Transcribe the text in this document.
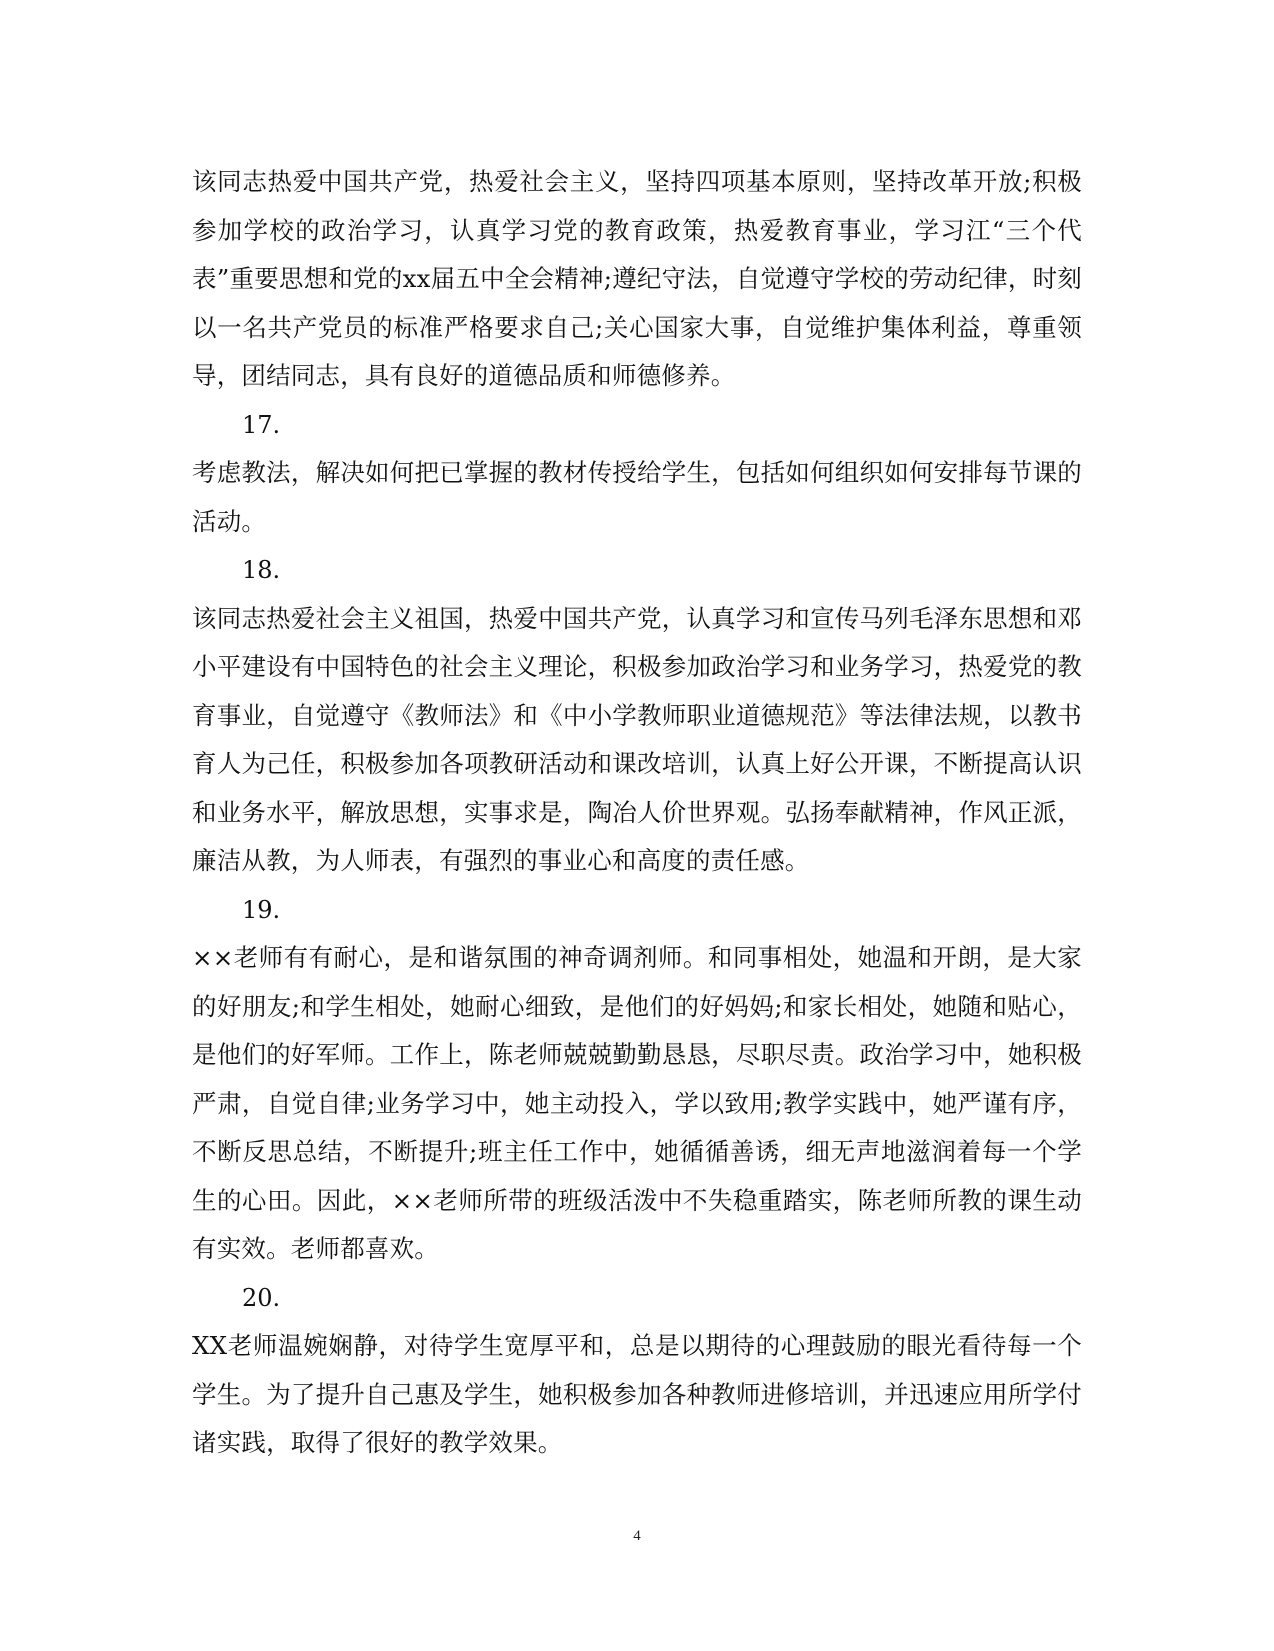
该同志热爱中国共产党，热爱社会主义，坚持四项基本原则，坚持改革开放;积极参加学校的政治学习，认真学习党的教育政策，热爱教育事业，学习江“三个代表”重要思想和党的xx届五中全会精神;遵纪守法，自觉遵守学校的劳动纪律，时刻以一名共产党员的标准严格要求自己;关心国家大事，自觉维护集体利益，尊重领导，团结同志，具有良好的道德品质和师德修养。

17.

考虑教法，解决如何把已掌握的教材传授给学生，包括如何组织如何安排每节课的活动。

18.

该同志热爱社会主义祖国，热爱中国共产党，认真学习和宣传马列毛泽东思想和邓小平建设有中国特色的社会主义理论，积极参加政治学习和业务学习，热爱党的教育事业，自觉遵守《教师法》和《中小学教师职业道德规范》等法律法规，以教书育人为己任，积极参加各项教研活动和课改培训，认真上好公开课，不断提高认识和业务水平，解放思想，实事求是，陶冶人价世界观。弘扬奉献精神，作风正派，廉洁从教，为人师表，有强烈的事业心和高度的责任感。

19.

××老师有有耐心，是和谐氛围的神奇调剂师。和同事相处，她温和开朗，是大家的好朋友;和学生相处，她耐心细致，是他们的好妈妈;和家长相处，她随和贴心，是他们的好军师。工作上，陈老师兢兢勤勤恳恳，尽职尽责。政治学习中，她积极严肃，自觉自律;业务学习中，她主动投入，学以致用;教学实践中，她严谨有序，不断反思总结，不断提升;班主任工作中，她循循善诱，细无声地滋润着每一个学生的心田。因此，××老师所带的班级活泼中不失稳重踏实，陈老师所教的课生动有实效。老师都喜欢。

20.

XX老师温婉娴静，对待学生宽厚平和，总是以期待的心理鼓励的眼光看待每一个学生。为了提升自己惠及学生，她积极参加各种教师进修培训，并迅速应用所学付诸实践，取得了很好的教学效果。

4
